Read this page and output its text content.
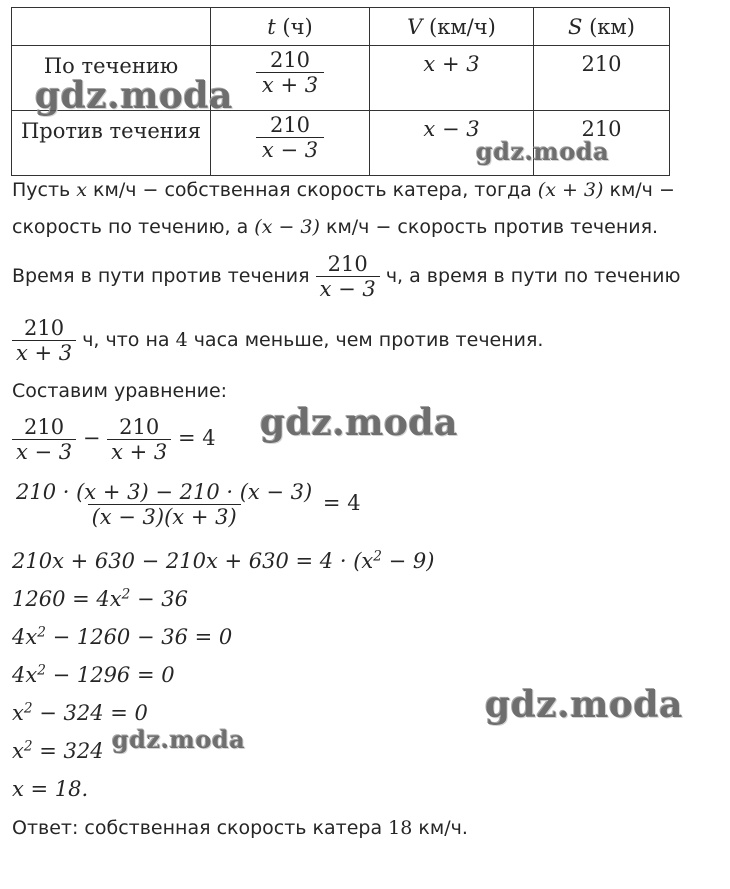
	t (ч)	V (км/ч)	S (км)

По течению	$\frac{210}{x + 3}$	x + 3	210

Против течения	$\frac{210}{x - 3}$	x − 3	210
Пусть x км/ч − собственная скорость катера, тогда (x + 3) км/ч −
скорость по течению, а (x − 3) км/ч − скорость против течения.
Время в пути против течения $\frac{210}{x - 3} ч$, а время в пути по течению
$\frac{210}{x + 3} ч$, что на 4 часа меньше, чем против течения.
Составим уравнение:
$\frac{210}{x - 3} - \frac{210}{x + 3} = 4$
$\frac{210 \cdot (x + 3) - 210 \cdot (x - 3)}{(x - 3)(x + 3)} = 4$
$210x + 630 - 210x + 630 = 4 \cdot (x^2 - 9)$
$1260 = 4x^2 - 36$
$4x^2 - 1260 - 36 = 0$
$4x^2 - 1296 = 0$
$x^2 - 324 = 0$
$x^2 = 324$
x = 18.
Ответ: собственная скорость катера 18 км/ч.
gdz.moda
gdz.moda
gdz.moda
gdz.moda
gdz.moda
